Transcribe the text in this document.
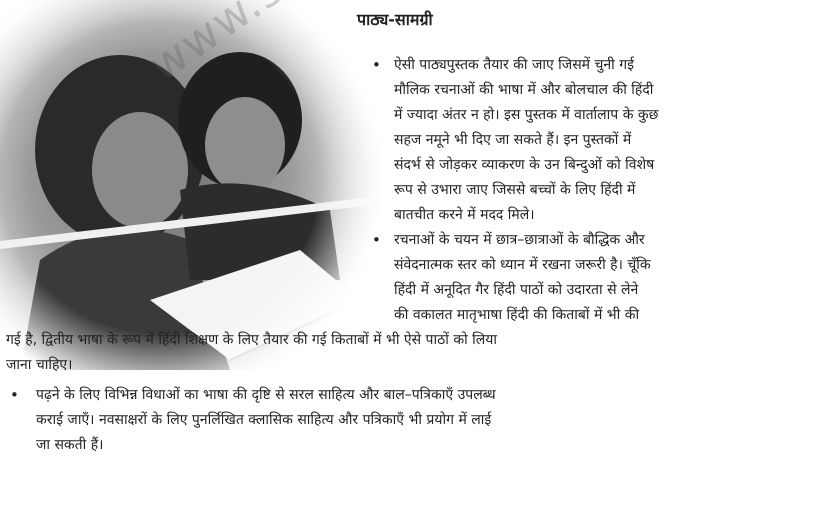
पाठ्य-सामग्री
• ऐसी पाठ्यपुस्तक तैयार की जाए जिसमें चुनी गई
मौलिक रचनाओं की भाषा में और बोलचाल की हिंदी
में ज्यादा अंतर न हो। इस पुस्तक में वार्तालाप के कुछ
सहज नमूने भी दिए जा सकते हैं। इन पुस्तकों में
संदर्भ से जोड़कर व्याकरण के उन बिन्दुओं को विशेष
रूप से उभारा जाए जिससे बच्चों के लिए हिंदी में
बातचीत करने में मदद मिले।
• रचनाओं के चयन में छात्र–छात्राओं के बौद्धिक और
संवेदनात्मक स्तर को ध्यान में रखना जरूरी है। चूँकि
हिंदी में अनूदित गैर हिंदी पाठों को उदारता से लेने
की वकालत मातृभाषा हिंदी की किताबों में भी की
गई है, द्वितीय भाषा के रूप में हिंदी शिक्षण के लिए तैयार की गई किताबों में भी ऐसे पाठों को लिया
जाना चाहिए।
• पढ़ने के लिए विभिन्न विधाओं का भाषा की दृष्टि से सरल साहित्य और बाल–पत्रिकाएँ उपलब्ध
कराई जाएँ। नवसाक्षरों के लिए पुनर्लिखित क्लासिक साहित्य और पत्रिकाएँ भी प्रयोग में लाई
जा सकती हैं।
